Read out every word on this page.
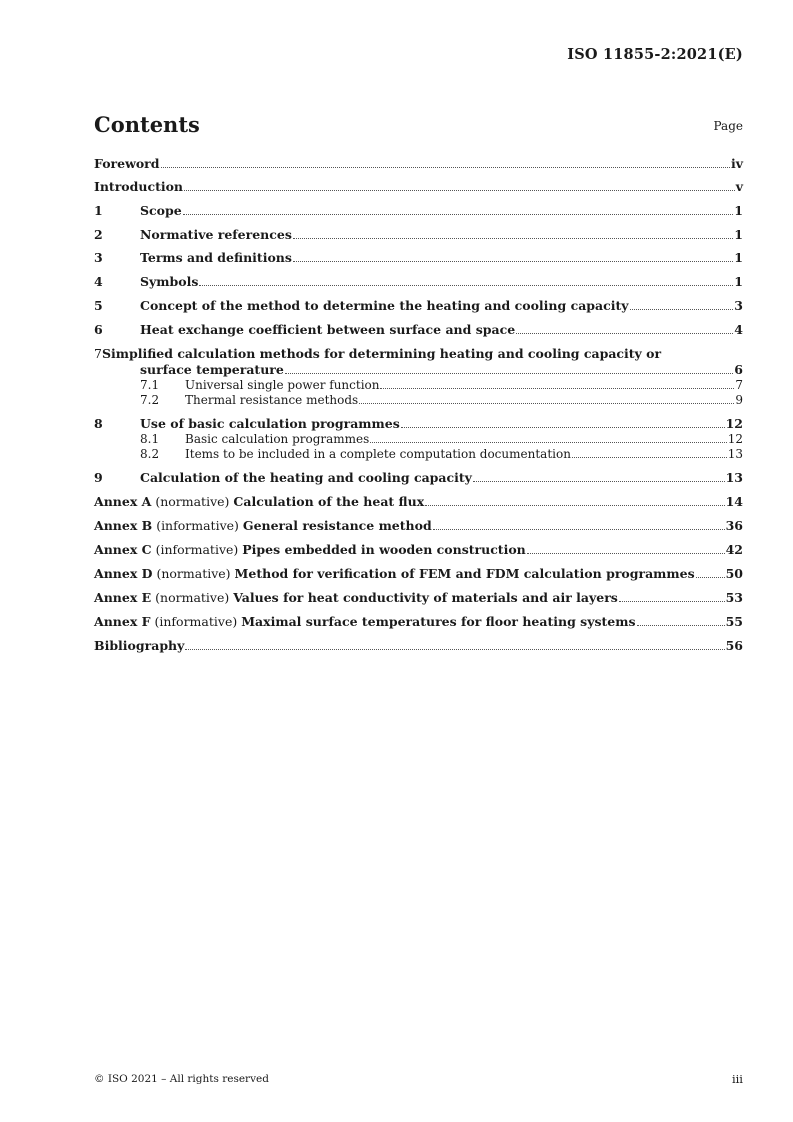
ISO 11855-2:2021(E)
Contents	Page
Foreword	iv
Introduction	v
1	Scope	1
2	Normative references	1
3	Terms and definitions	1
4	Symbols	1
5	Concept of the method to determine the heating and cooling capacity	3
6	Heat exchange coefficient between surface and space	4
7 Simplified calculation methods for determining heating and cooling capacity or
surface temperature	6
7.1	Universal single power function	7
7.2	Thermal resistance methods	9
8	Use of basic calculation programmes	12
8.1	Basic calculation programmes	12
8.2	Items to be included in a complete computation documentation	13
9	Calculation of the heating and cooling capacity	13
Annex A (normative) Calculation of the heat flux	14
Annex B (informative) General resistance method	36
Annex C (informative) Pipes embedded in wooden construction	42
Annex D (normative) Method for verification of FEM and FDM calculation programmes 50
Annex E (normative) Values for heat conductivity of materials and air layers	53
Annex F (informative) Maximal surface temperatures for floor heating systems	55
Bibliography	56
© ISO 2021 – All rights reserved	iii
